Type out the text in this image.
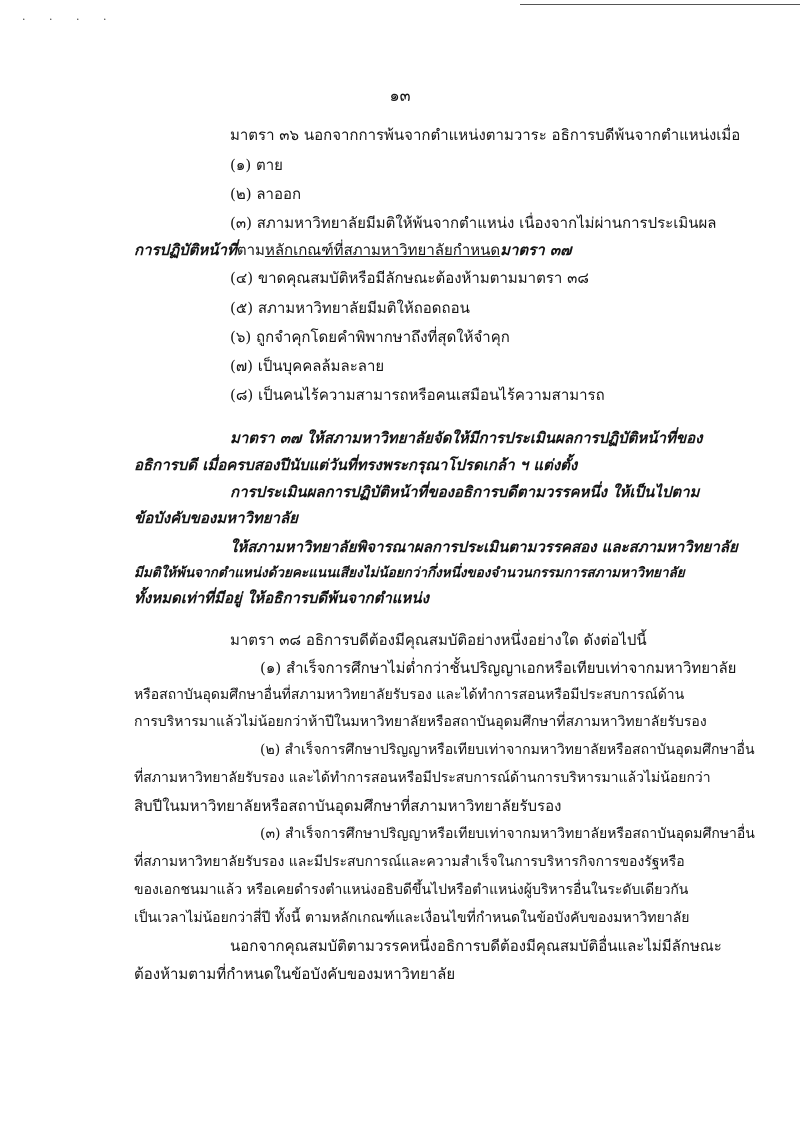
. . . .
๑๓
มาตรา ๓๖ นอกจากการพ้นจากตำแหน่งตามวาระ อธิการบดีพ้นจากตำแหน่งเมื่อ
(๑) ตาย
(๒) ลาออก
(๓) สภามหาวิทยาลัยมีมติให้พ้นจากตำแหน่ง เนื่องจากไม่ผ่านการประเมินผล
การปฏิบัติหน้าที่ตามหลักเกณฑ์ที่สภามหาวิทยาลัยกำหนดมาตรา ๓๗
(๔) ขาดคุณสมบัติหรือมีลักษณะต้องห้ามตามมาตรา ๓๘
(๕) สภามหาวิทยาลัยมีมติให้ถอดถอน
(๖) ถูกจำคุกโดยคำพิพากษาถึงที่สุดให้จำคุก
(๗) เป็นบุคคลล้มละลาย
(๘) เป็นคนไร้ความสามารถหรือคนเสมือนไร้ความสามารถ
มาตรา ๓๗ ให้สภามหาวิทยาลัยจัดให้มีการประเมินผลการปฏิบัติหน้าที่ของ
อธิการบดี เมื่อครบสองปีนับแต่วันที่ทรงพระกรุณาโปรดเกล้า ฯ แต่งตั้ง
การประเมินผลการปฏิบัติหน้าที่ของอธิการบดีตามวรรคหนึ่ง ให้เป็นไปตาม
ข้อบังคับของมหาวิทยาลัย
ให้สภามหาวิทยาลัยพิจารณาผลการประเมินตามวรรคสอง และสภามหาวิทยาลัย
มีมติให้พ้นจากตำแหน่งด้วยคะแนนเสียงไม่น้อยกว่ากึ่งหนึ่งของจำนวนกรรมการสภามหาวิทยาลัย
ทั้งหมดเท่าที่มีอยู่ ให้อธิการบดีพ้นจากตำแหน่ง
มาตรา ๓๘ อธิการบดีต้องมีคุณสมบัติอย่างหนึ่งอย่างใด ดังต่อไปนี้
(๑) สำเร็จการศึกษาไม่ต่ำกว่าชั้นปริญญาเอกหรือเทียบเท่าจากมหาวิทยาลัย
หรือสถาบันอุดมศึกษาอื่นที่สภามหาวิทยาลัยรับรอง และได้ทำการสอนหรือมีประสบการณ์ด้าน
การบริหารมาแล้วไม่น้อยกว่าห้าปีในมหาวิทยาลัยหรือสถาบันอุดมศึกษาที่สภามหาวิทยาลัยรับรอง
(๒) สำเร็จการศึกษาปริญญาหรือเทียบเท่าจากมหาวิทยาลัยหรือสถาบันอุดมศึกษาอื่น
ที่สภามหาวิทยาลัยรับรอง และได้ทำการสอนหรือมีประสบการณ์ด้านการบริหารมาแล้วไม่น้อยกว่า
สิบปีในมหาวิทยาลัยหรือสถาบันอุดมศึกษาที่สภามหาวิทยาลัยรับรอง
(๓) สำเร็จการศึกษาปริญญาหรือเทียบเท่าจากมหาวิทยาลัยหรือสถาบันอุดมศึกษาอื่น
ที่สภามหาวิทยาลัยรับรอง และมีประสบการณ์และความสำเร็จในการบริหารกิจการของรัฐหรือ
ของเอกชนมาแล้ว หรือเคยดำรงตำแหน่งอธิบดีขึ้นไปหรือตำแหน่งผู้บริหารอื่นในระดับเดียวกัน
เป็นเวลาไม่น้อยกว่าสี่ปี ทั้งนี้ ตามหลักเกณฑ์และเงื่อนไขที่กำหนดในข้อบังคับของมหาวิทยาลัย
นอกจากคุณสมบัติตามวรรคหนึ่งอธิการบดีต้องมีคุณสมบัติอื่นและไม่มีลักษณะ
ต้องห้ามตามที่กำหนดในข้อบังคับของมหาวิทยาลัย
